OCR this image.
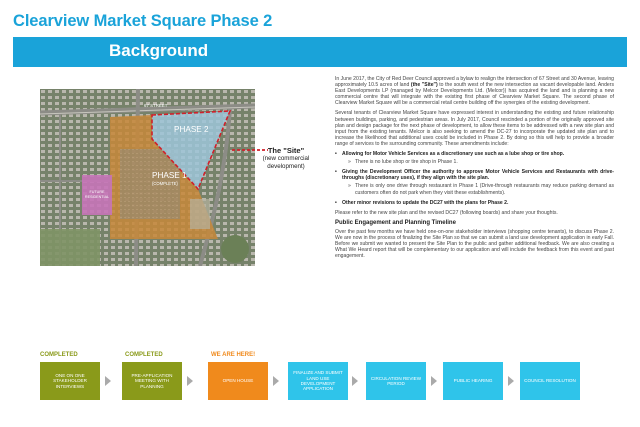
Clearview Market Square Phase 2
Background
67 STREET
PHASE 2
PHASE 1
(COMPLETE)
FUTURE RESIDENTIAL
The "Site"
(new commercial development)

In June 2017, the City of Red Deer Council approved a bylaw to realign the intersection of 67 Street and 30 Avenue, leaving approximately 10.5 acres of land (the "Site") to the south west of the new intersection as vacant developable land. Anders East Developments LP (managed by Melcor Developments Ltd. (Melcor)) has acquired the land and is planning a new commercial centre that will integrate with the existing first phase of Clearview Market Square. The second phase of Clearview Market Square will be a commercial retail centre building off the synergies of the existing development.

Several tenants of Clearview Market Square have expressed interest in understanding the existing and future relationship between buildings, parking, and pedestrian areas. In July 2017, Council rescinded a portion of the originally approved site plan and design package for the next phase of development, to allow these items to be addressed with a new site plan and input from the existing tenants. Melcor is also seeking to amend the DC-27 to incorporate the updated site plan and to increase the likelihood that additional uses could be included in Phase 2. By doing so this will help to provide a broader range of services to the surrounding community. These amendments include:

• Allowing for Motor Vehicle Services as a discretionary use such as a lube shop or tire shop.
» There is no lube shop or tire shop in Phase 1.
• Giving the Development Officer the authority to approve Motor Vehicle Services and Restaurants with drive-throughs (discretionary uses), if they align with the site plan.
» There is only one drive through restaurant in Phase 1 (Drive-through restaurants may reduce parking demand as customers often do not park when they visit these establishments).
• Other minor revisions to update the DC27 with the plans for Phase 2.

Please refer to the new site plan and the revised DC27 (following boards) and share your thoughts.

Public Engagement and Planning Timeline

Over the past few months we have held one-on-one stakeholder interviews (shopping centre tenants), to discuss Phase 2. We are now in the process of finalizing the Site Plan so that we can submit a land use development application in early Fall. Before we submit we wanted to present the Site Plan to the public and gather additional feedback. We are also creating a What We Heard report that will be complementary to our application and will include the feedback from this event and past engagement.

COMPLETED	COMPLETED	WE ARE HERE!
ONE ON ONE STAKEHOLDER INTERVIEWS
PRE-APPLICATION MEETING WITH PLANNING
OPEN HOUSE
FINALIZE AND SUBMIT LAND USE DEVELOPMENT APPLICATION
CIRCULATION REVIEW PERIOD
PUBLIC HEARING	COUNCIL RESOLUTION
